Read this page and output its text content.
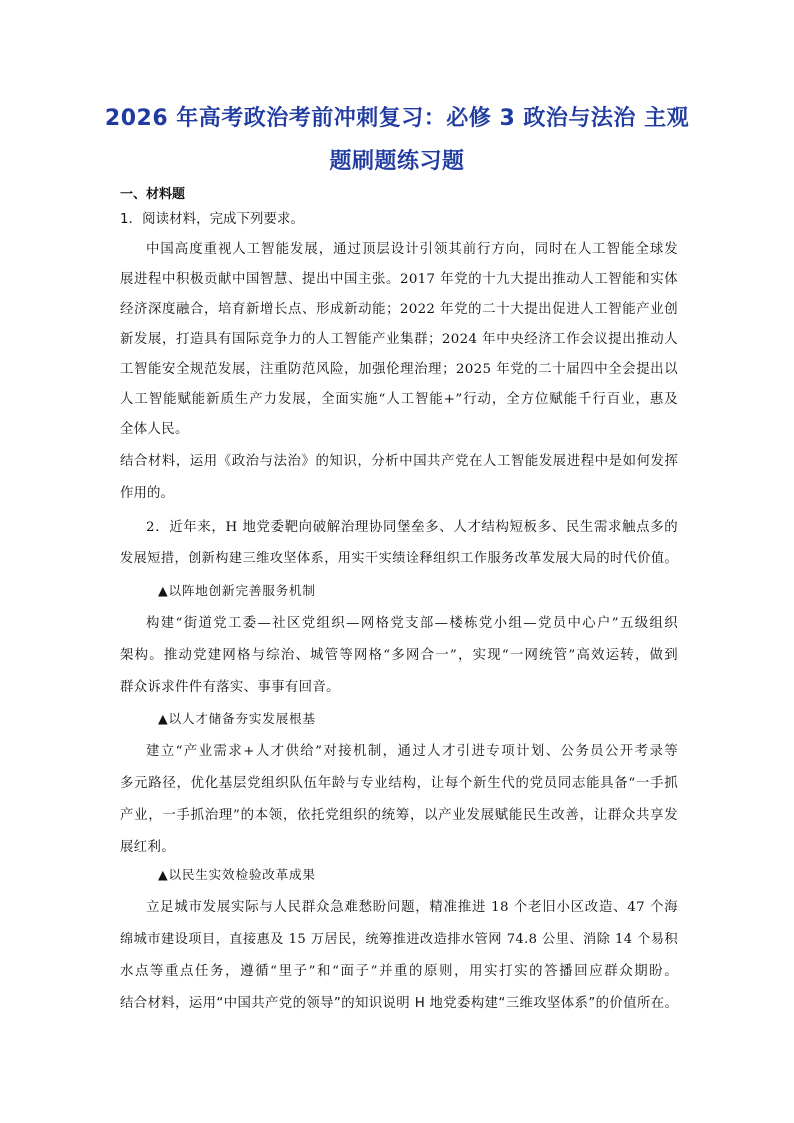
2026 年高考政治考前冲刺复习：必修 3 政治与法治 主观
题刷题练习题
一、材料题
1．阅读材料，完成下列要求。
中国高度重视人工智能发展，通过顶层设计引领其前行方向，同时在人工智能全球发
展进程中积极贡献中国智慧、提出中国主张。2017 年党的十九大提出推动人工智能和实体
经济深度融合，培育新增长点、形成新动能；2022 年党的二十大提出促进人工智能产业创
新发展，打造具有国际竞争力的人工智能产业集群；2024 年中央经济工作会议提出推动人
工智能安全规范发展，注重防范风险，加强伦理治理；2025 年党的二十届四中全会提出以
人工智能赋能新质生产力发展，全面实施“人工智能+”行动，全方位赋能千行百业，惠及
全体人民。
结合材料，运用《政治与法治》的知识，分析中国共产党在人工智能发展进程中是如何发挥
作用的。
2．近年来，H 地党委靶向破解治理协同堡垒多、人才结构短板多、民生需求触点多的
发展短措，创新构建三维攻坚体系，用实干实绩诠释组织工作服务改革发展大局的时代价值。
▲以阵地创新完善服务机制
构建“街道党工委—社区党组织—网格党支部—楼栋党小组—党员中心户”五级组织
架构。推动党建网格与综治、城管等网格“多网合一”，实现“一网统管”高效运转，做到
群众诉求件件有落实、事事有回音。
▲以人才储备夯实发展根基
建立“产业需求+人才供给”对接机制，通过人才引进专项计划、公务员公开考录等
多元路径，优化基层党组织队伍年龄与专业结构，让每个新生代的党员同志能具备“一手抓
产业，一手抓治理”的本领，依托党组织的统筹，以产业发展赋能民生改善，让群众共享发
展红利。
▲以民生实效检验改革成果
立足城市发展实际与人民群众急难愁盼问题，精准推进 18 个老旧小区改造、47 个海
绵城市建设项目，直接惠及 15 万居民，统筹推进改造排水管网 74.8 公里、消除 14 个易积
水点等重点任务，遵循“里子”和“面子”并重的原则，用实打实的答播回应群众期盼。
结合材料，运用“中国共产党的领导”的知识说明 H 地党委构建“三维攻坚体系”的价值所在。
